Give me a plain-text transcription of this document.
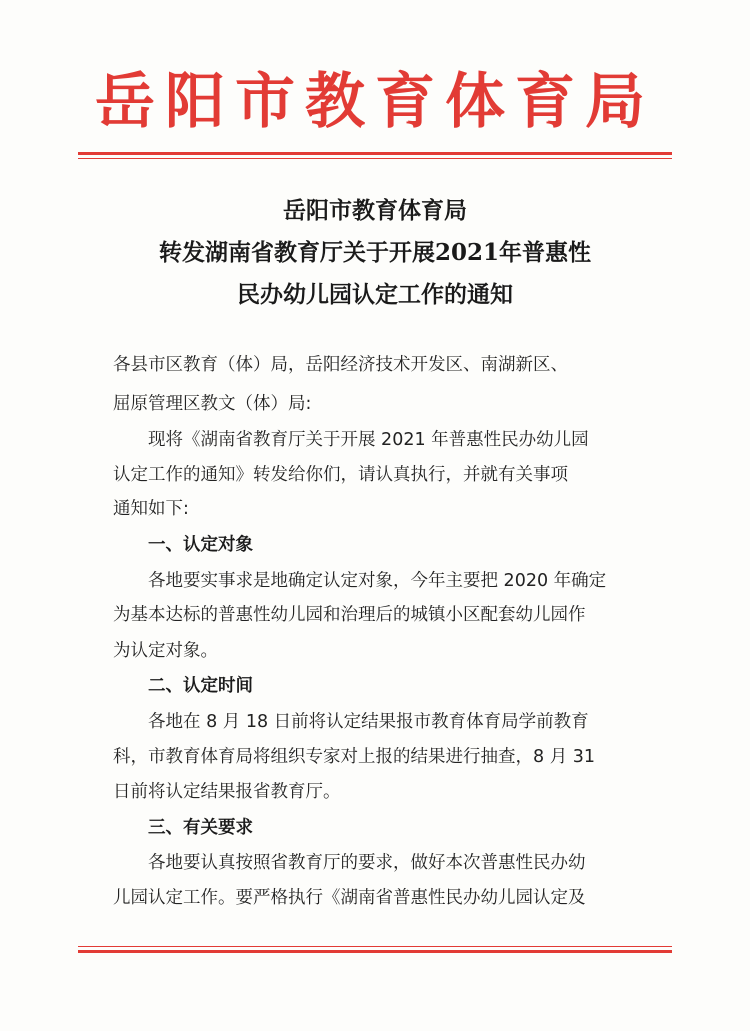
岳阳市教育体育局
岳阳市教育体育局
转发湖南省教育厅关于开展2021年普惠性
民办幼儿园认定工作的通知
各县市区教育（体）局，岳阳经济技术开发区、南湖新区、
屈原管理区教文（体）局:
现将《湖南省教育厅关于开展 2021 年普惠性民办幼儿园
认定工作的通知》转发给你们，请认真执行，并就有关事项
通知如下:
一、认定对象
各地要实事求是地确定认定对象，今年主要把 2020 年确定
为基本达标的普惠性幼儿园和治理后的城镇小区配套幼儿园作
为认定对象。
二、认定时间
各地在 8 月 18 日前将认定结果报市教育体育局学前教育
科，市教育体育局将组织专家对上报的结果进行抽查，8 月 31
日前将认定结果报省教育厅。
三、有关要求
各地要认真按照省教育厅的要求，做好本次普惠性民办幼
儿园认定工作。要严格执行《湖南省普惠性民办幼儿园认定及
